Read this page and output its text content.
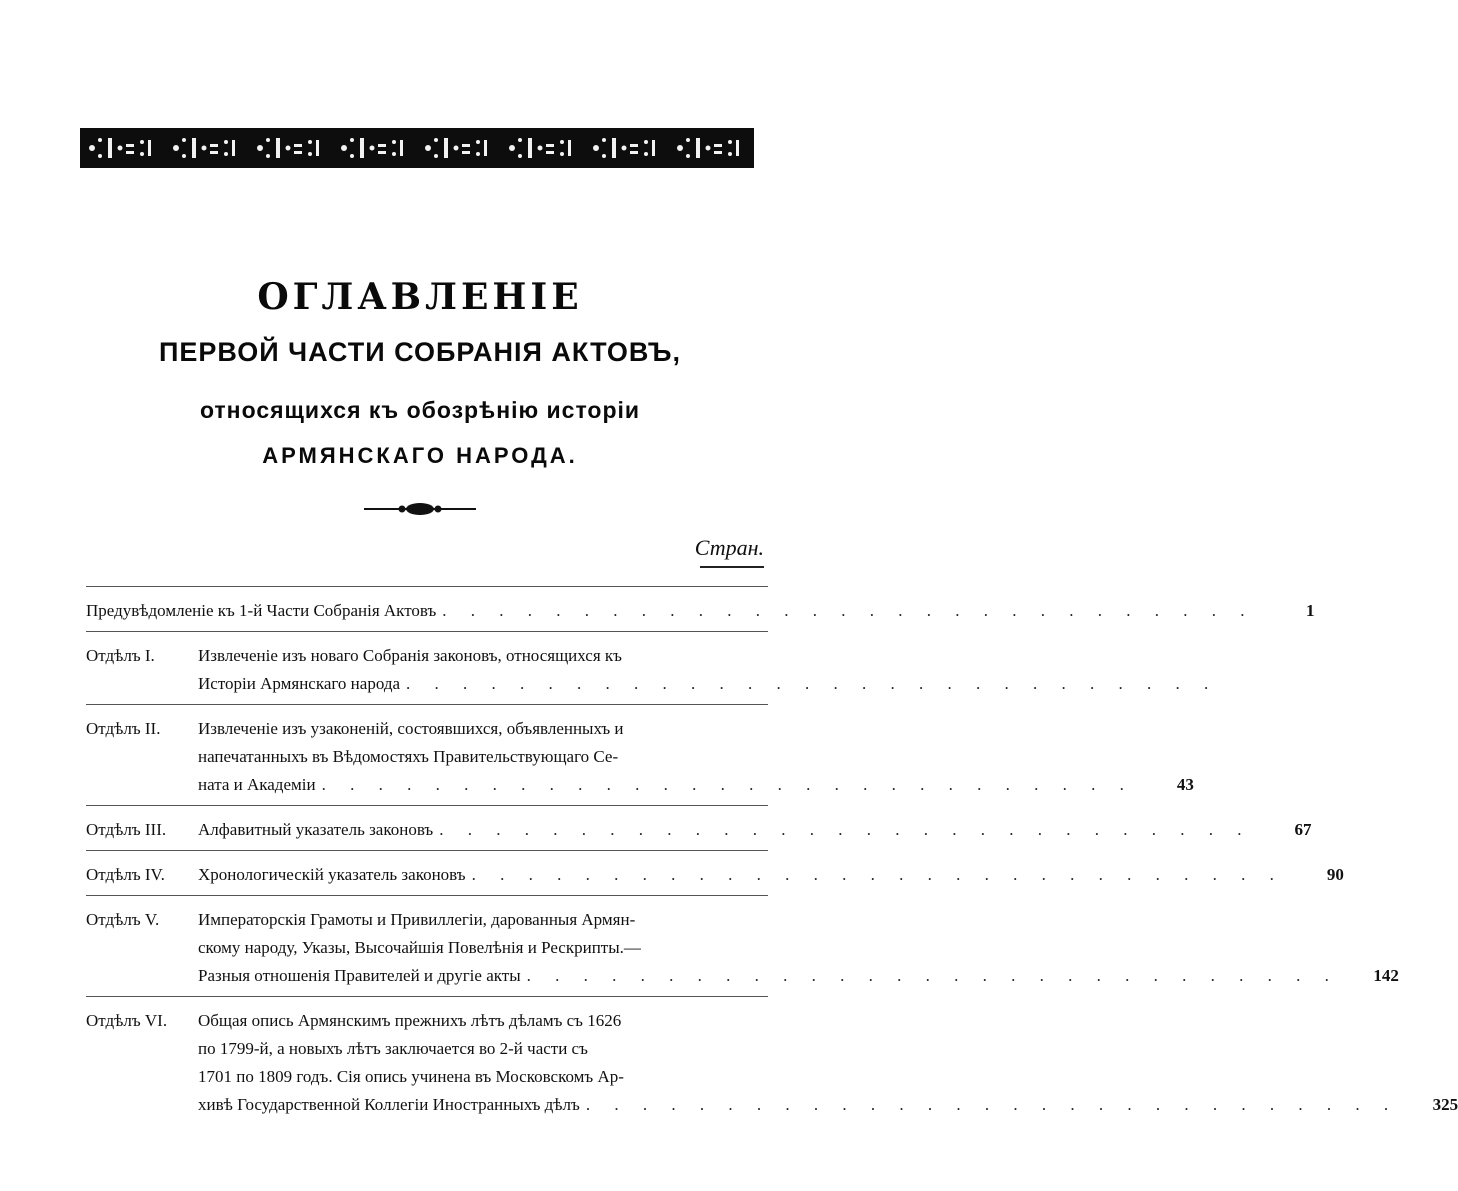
ОГЛАВЛЕНІЕ
ПЕРВОЙ ЧАСТИ СОБРАНІЯ АКТОВЪ,
относящихся къ обозрѣнію исторіи
АРМЯНСКАГО НАРОДА.
Стран.
Предувѣдомленіе къ 1-й Части Собранія Актовъ . . . . . . . . . . . . . . . . . . . . . . . . . . . . .	1
Отдѣлъ I.	Извлеченіе изъ новаго Собранія законовъ, относящихся къ
Исторіи Армянскаго народа . . . . . . . . . . . . . . . . . . . . . . . . . . . . .
Отдѣлъ II.	Извлеченіе изъ узаконеній, состоявшихся, объявленныхъ и
напечатанныхъ въ Вѣдомостяхъ Правительствующаго Се-
ната и Академіи . . . . . . . . . . . . . . . . . . . . . . . . . . . . .	43
Отдѣлъ III.	Алфавитный указатель законовъ . . . . . . . . . . . . . . . . . . . . . . . . . . . . .	67
Отдѣлъ IV.	Хронологическій указатель законовъ . . . . . . . . . . . . . . . . . . . . . . . . . . . . .	90
Отдѣлъ V.	Императорскія Грамоты и Привиллегіи, дарованныя Армян-
скому народу, Указы, Высочайшія Повелѣнія и Рескрипты.—
Разныя отношенія Правителей и другіе акты . . . . . . . . . . . . . . . . . . . . . . . . . . . . .	142
Отдѣлъ VI.	Общая опись Армянскимъ прежнихъ лѣтъ дѣламъ съ 1626
по 1799-й, а новыхъ лѣтъ заключается во 2-й части съ
1701 по 1809 годъ. Сія опись учинена въ Московскомъ Ар-
хивѣ Государственной Коллегіи Иностранныхъ дѣлъ . . . . . . . . . . . . . . . . . . . . . . . . . . . . .	325
